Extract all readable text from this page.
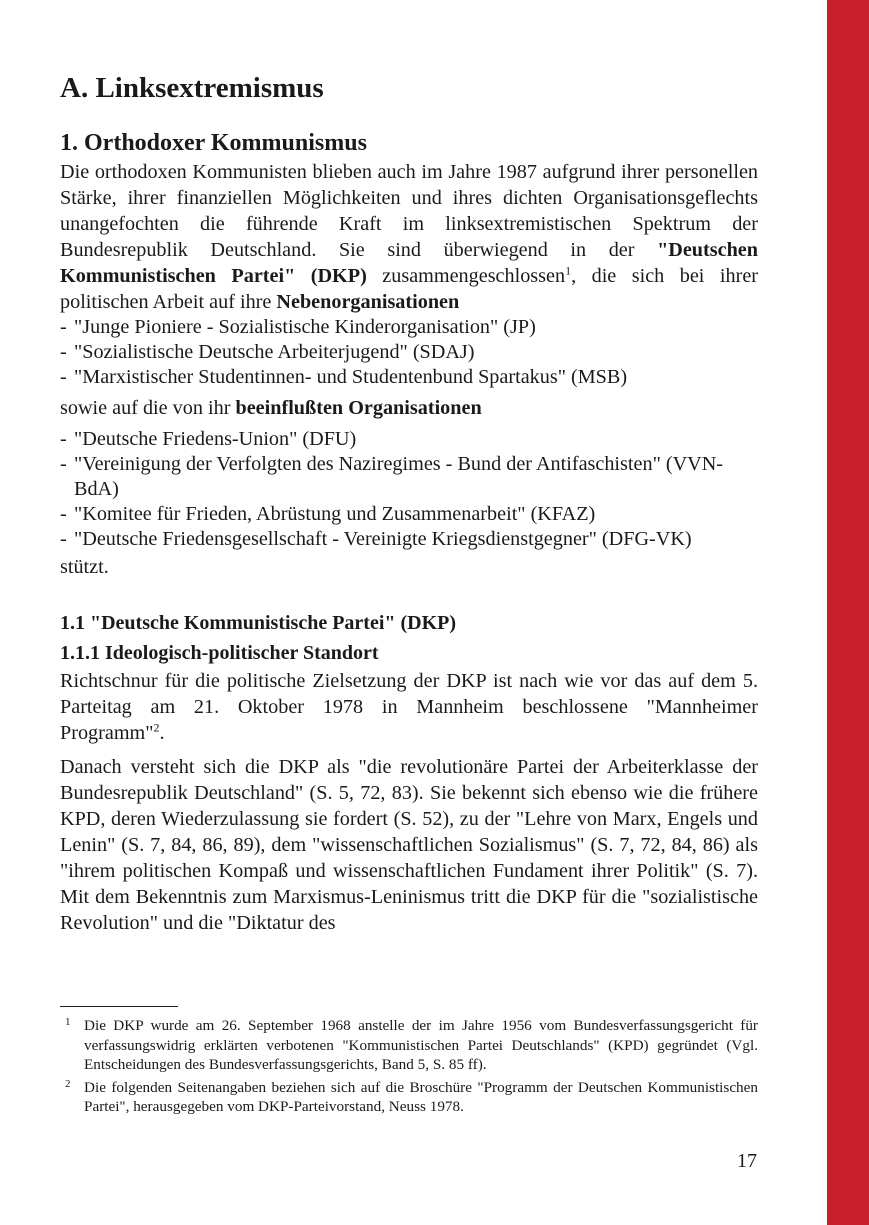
A. Linksextremismus
1. Orthodoxer Kommunismus

Die orthodoxen Kommunisten blieben auch im Jahre 1987 aufgrund ihrer personellen Stärke, ihrer finanziellen Möglichkeiten und ihres dichten Organisationsgeflechts unangefochten die führende Kraft im linksextremistischen Spektrum der Bundesrepublik Deutschland. Sie sind überwiegend in der "Deutschen Kommunistischen Partei" (DKP) zusammengeschlossen$^1$, die sich bei ihrer politischen Arbeit auf ihre Nebenorganisationen

- "Junge Pioniere - Sozialistische Kinderorganisation" (JP)
- "Sozialistische Deutsche Arbeiterjugend" (SDAJ)
- "Marxistischer Studentinnen- und Studentenbund Spartakus" (MSB)

sowie auf die von ihr beeinflußten Organisationen

- "Deutsche Friedens-Union" (DFU)
- "Vereinigung der Verfolgten des Naziregimes - Bund der Antifaschisten" (VVN-BdA)
- "Komitee für Frieden, Abrüstung und Zusammenarbeit" (KFAZ)
- "Deutsche Friedensgesellschaft - Vereinigte Kriegsdienstgegner" (DFG-VK)

stützt.

1.1 "Deutsche Kommunistische Partei" (DKP)
1.1.1 Ideologisch-politischer Standort

Richtschnur für die politische Zielsetzung der DKP ist nach wie vor das auf dem 5. Parteitag am 21. Oktober 1978 in Mannheim beschlossene "Mannheimer Programm"$^2$.

Danach versteht sich die DKP als "die revolutionäre Partei der Arbeiterklasse der Bundesrepublik Deutschland" (S. 5, 72, 83). Sie bekennt sich ebenso wie die frühere KPD, deren Wiederzulassung sie fordert (S. 52), zu der "Lehre von Marx, Engels und Lenin" (S. 7, 84, 86, 89), dem "wissenschaftlichen Sozialismus" (S. 7, 72, 84, 86) als "ihrem politischen Kompaß und wissenschaftlichen Fundament ihrer Politik" (S. 7). Mit dem Bekenntnis zum Marxismus-Leninismus tritt die DKP für die "sozialistische Revolution" und die "Diktatur des

1 Die DKP wurde am 26. September 1968 anstelle der im Jahre 1956 vom Bundesverfassungsgericht für verfassungswidrig erklärten verbotenen "Kommunistischen Partei Deutschlands" (KPD) gegründet (Vgl. Entscheidungen des Bundesverfassungsgerichts, Band 5, S. 85 ff).

2 Die folgenden Seitenangaben beziehen sich auf die Broschüre "Programm der Deutschen Kommunistischen Partei", herausgegeben vom DKP-Parteivorstand, Neuss 1978.

17
